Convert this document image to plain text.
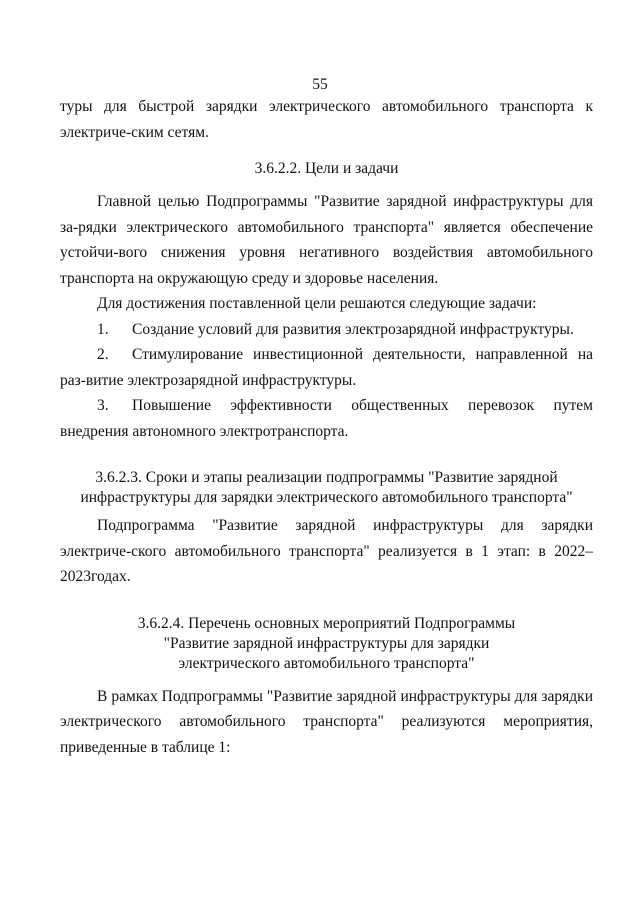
55

туры для быстрой зарядки электрического автомобильного транспорта к электриче-ским сетям.

3.6.2.2. Цели и задачи

Главной целью Подпрограммы "Развитие зарядной инфраструктуры для за-рядки электрического автомобильного транспорта" является обеспечение устойчи-вого снижения уровня негативного воздействия автомобильного транспорта на окружающую среду и здоровье населения.

Для достижения поставленной цели решаются следующие задачи:

1. Создание условий для развития электрозарядной инфраструктуры.

2. Стимулирование инвестиционной деятельности, направленной на раз-витие электрозарядной инфраструктуры.

3. Повышение эффективности общественных перевозок путем внедрения автономного электротранспорта.

3.6.2.3. Сроки и этапы реализации подпрограммы "Развитие зарядной
инфраструктуры для зарядки электрического автомобильного транспорта"

Подпрограмма "Развитие зарядной инфраструктуры для зарядки электриче-ского автомобильного транспорта" реализуется в 1 этап: в 2022–2023годах.

3.6.2.4. Перечень основных мероприятий Подпрограммы
"Развитие зарядной инфраструктуры для зарядки
электрического автомобильного транспорта"

В рамках Подпрограммы "Развитие зарядной инфраструктуры для зарядки электрического автомобильного транспорта" реализуются мероприятия, приведенные в таблице 1:
